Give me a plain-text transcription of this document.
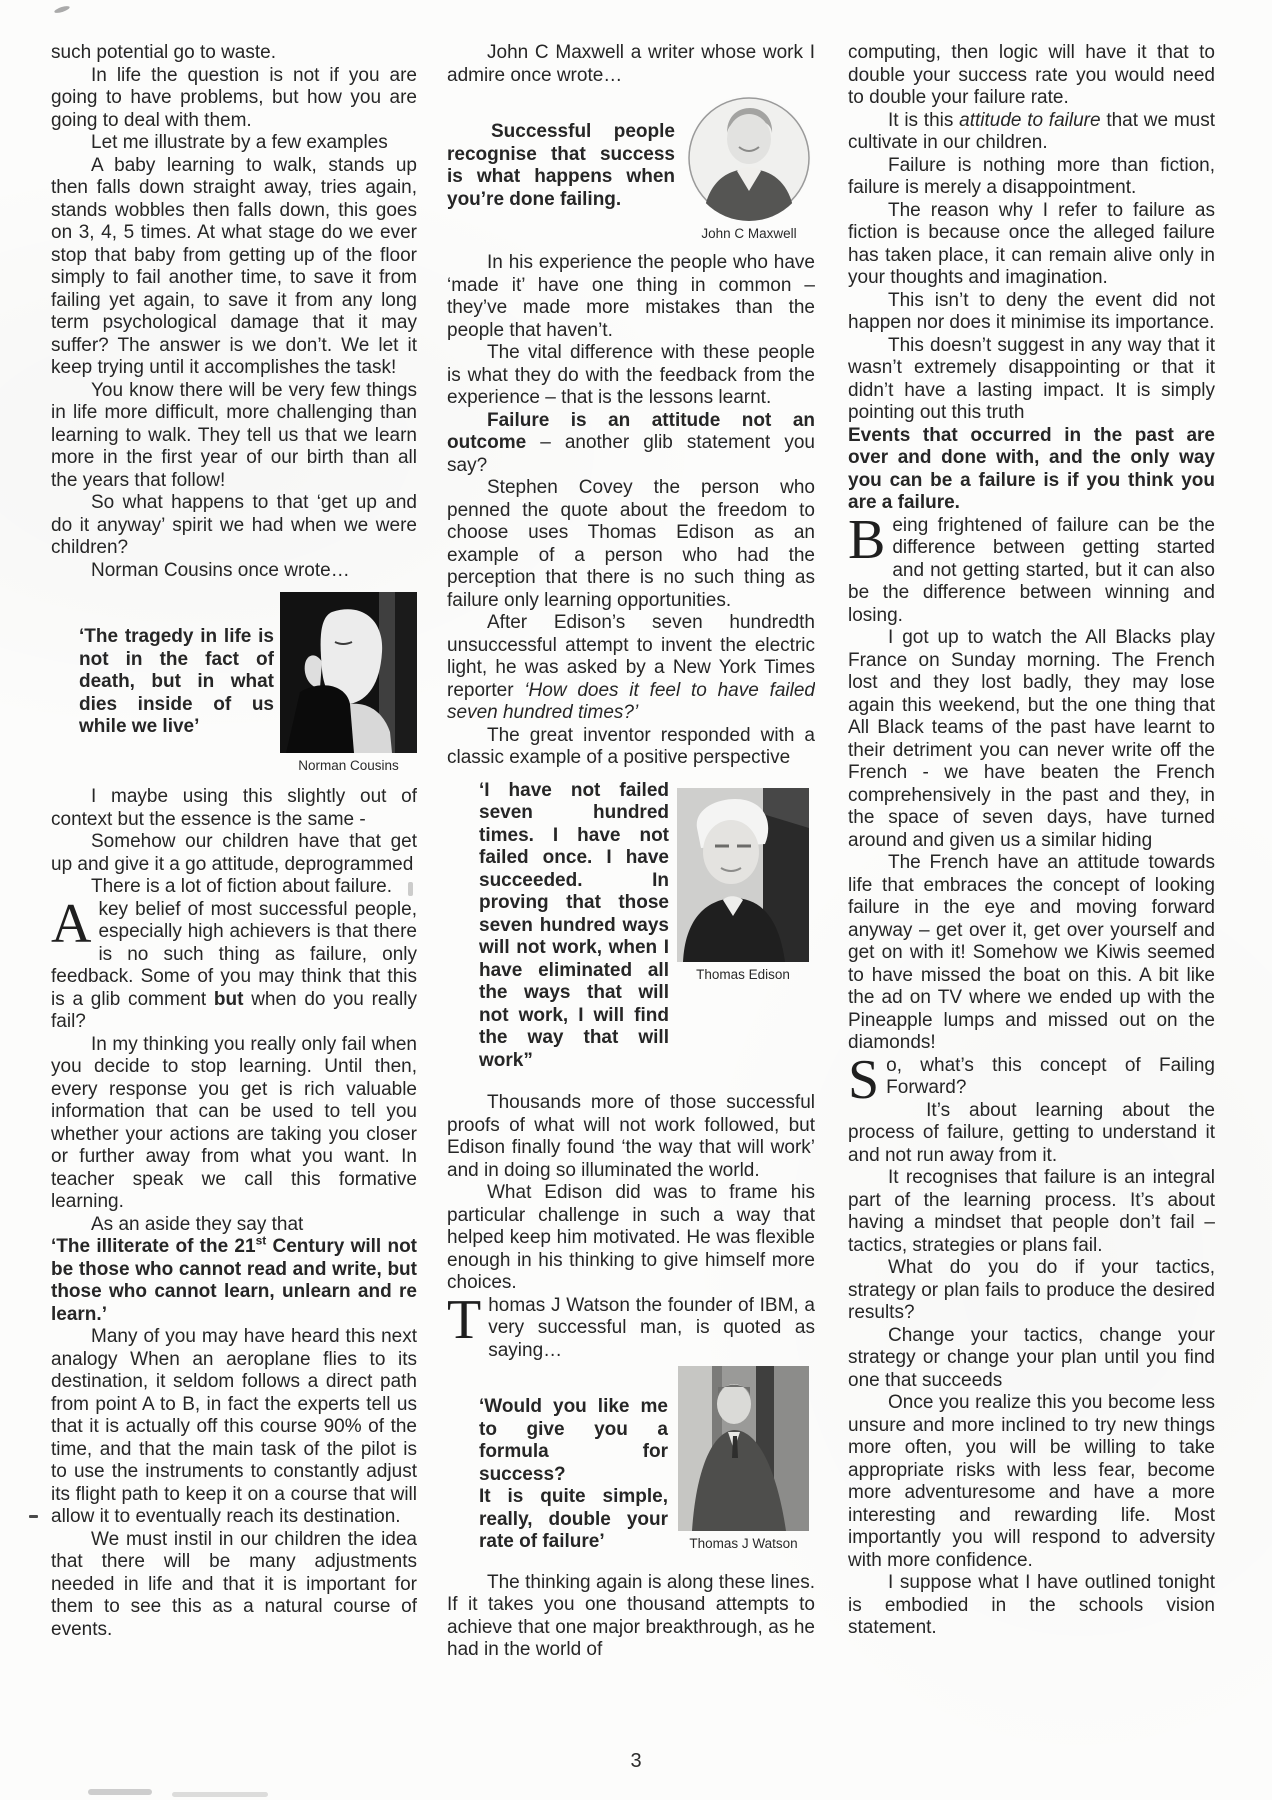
such potential go to waste.

In life the question is not if you are going to have problems, but how you are going to deal with them.

Let me illustrate by a few examples

A baby learning to walk, stands up then falls down straight away, tries again, stands wobbles then falls down, this goes on 3, 4, 5 times. At what stage do we ever stop that baby from getting up of the floor simply to fail another time, to save it from failing yet again, to save it from any long term psychological damage that it may suffer? The answer is we don’t. We let it keep trying until it accomplishes the task!

You know there will be very few things in life more difficult, more challenging than learning to walk. They tell us that we learn more in the first year of our birth than all the years that follow!

So what happens to that ‘get up and do it anyway’ spirit we had when we were children?

Norman Cousins once wrote…

‘The tragedy in life is not in the fact of death, but in what dies inside of us while we live’
Norman Cousins

I maybe using this slightly out of context but the essence is the same -

Somehow our children have that get up and give it a go attitude, deprogrammed

There is a lot of fiction about failure.

Akey belief of most successful people, especially high achievers is that there is no such thing as failure, only feedback. Some of you may think that this is a glib comment but when do you really fail?

In my thinking you really only fail when you decide to stop learning. Until then, every response you get is rich valuable information that can be used to tell you whether your actions are taking you closer or further away from what you want. In teacher speak we call this formative learning.

As an aside they say that

‘The illiterate of the 21st Century will not be those who cannot read and write, but those who cannot learn, unlearn and re learn.’

Many of you may have heard this next analogy When an aeroplane flies to its destination, it seldom follows a direct path from point A to B, in fact the experts tell us that it is actually off this course 90% of the time, and that the main task of the pilot is to use the instruments to constantly adjust its flight path to keep it on a course that will allow it to eventually reach its destination.

We must instil in our children the idea that there will be many adjustments needed in life and that it is important for them to see this as a natural course of events.

John C Maxwell a writer whose work I admire once wrote…

Successful people recognise that success is what happens when you’re done failing.
John C Maxwell

In his experience the people who have ‘made it’ have one thing in common – they’ve made more mistakes than the people that haven’t.

The vital difference with these people is what they do with the feedback from the experience – that is the lessons learnt.

Failure is an attitude not an outcome – another glib statement you say?

Stephen Covey the person who penned the quote about the freedom to choose uses Thomas Edison as an example of a person who had the perception that there is no such thing as failure only learning opportunities.

After Edison’s seven hundredth unsuccessful attempt to invent the electric light, he was asked by a New York Times reporter ‘How does it feel to have failed seven hundred times?’

The great inventor responded with a classic example of a positive perspective

‘I have not failed seven hundred times. I have not failed once. I have succeeded. In proving that those seven hundred ways will not work, when I have eliminated all the ways that will not work, I will find the way that will work”
Thomas Edison

Thousands more of those successful proofs of what will not work followed, but Edison finally found ‘the way that will work’ and in doing so illuminated the world.

What Edison did was to frame his particular challenge in such a way that helped keep him motivated. He was flexible enough in his thinking to give himself more choices.

Thomas J Watson the founder of IBM, a very successful man, is quoted as saying…

‘Would you like me to give you a formula for success?
It is quite simple, really, double your rate of failure’	Thomas J Watson

The thinking again is along these lines. If it takes you one thousand attempts to achieve that one major breakthrough, as he had in the world of

computing, then logic will have it that to double your success rate you would need to double your failure rate.

It is this attitude to failure that we must cultivate in our children.

Failure is nothing more than fiction, failure is merely a disappointment.

The reason why I refer to failure as fiction is because once the alleged failure has taken place, it can remain alive only in your thoughts and imagination.

This isn’t to deny the event did not happen nor does it minimise its importance.

This doesn’t suggest in any way that it wasn’t extremely disappointing or that it didn’t have a lasting impact. It is simply pointing out this truth

Events that occurred in the past are over and done with, and the only way you can be a failure is if you think you are a failure.

Being frightened of failure can be the difference between getting started and not getting started, but it can also be the difference between winning and losing.

I got up to watch the All Blacks play France on Sunday morning. The French lost and they lost badly, they may lose again this weekend, but the one thing that All Black teams of the past have learnt to their detriment you can never write off the French - we have beaten the French comprehensively in the past and they, in the space of seven days, have turned around and given us a similar hiding

The French have an attitude towards life that embraces the concept of looking failure in the eye and moving forward anyway – get over it, get over yourself and get on with it! Somehow we Kiwis seemed to have missed the boat on this. A bit like the ad on TV where we ended up with the Pineapple lumps and missed out on the diamonds!

So, what’s this concept of Failing Forward?

It’s about learning about the process of failure, getting to understand it and not run away from it.

It recognises that failure is an integral part of the learning process. It’s about having a mindset that people don’t fail – tactics, strategies or plans fail.

What do you do if your tactics, strategy or plan fails to produce the desired results?

Change your tactics, change your strategy or change your plan until you find one that succeeds

Once you realize this you become less unsure and more inclined to try new things more often, you will be willing to take appropriate risks with less fear, become more adventuresome and have a more interesting and rewarding life. Most importantly you will respond to adversity with more confidence.

I suppose what I have outlined tonight is embodied in the schools vision statement.

3
